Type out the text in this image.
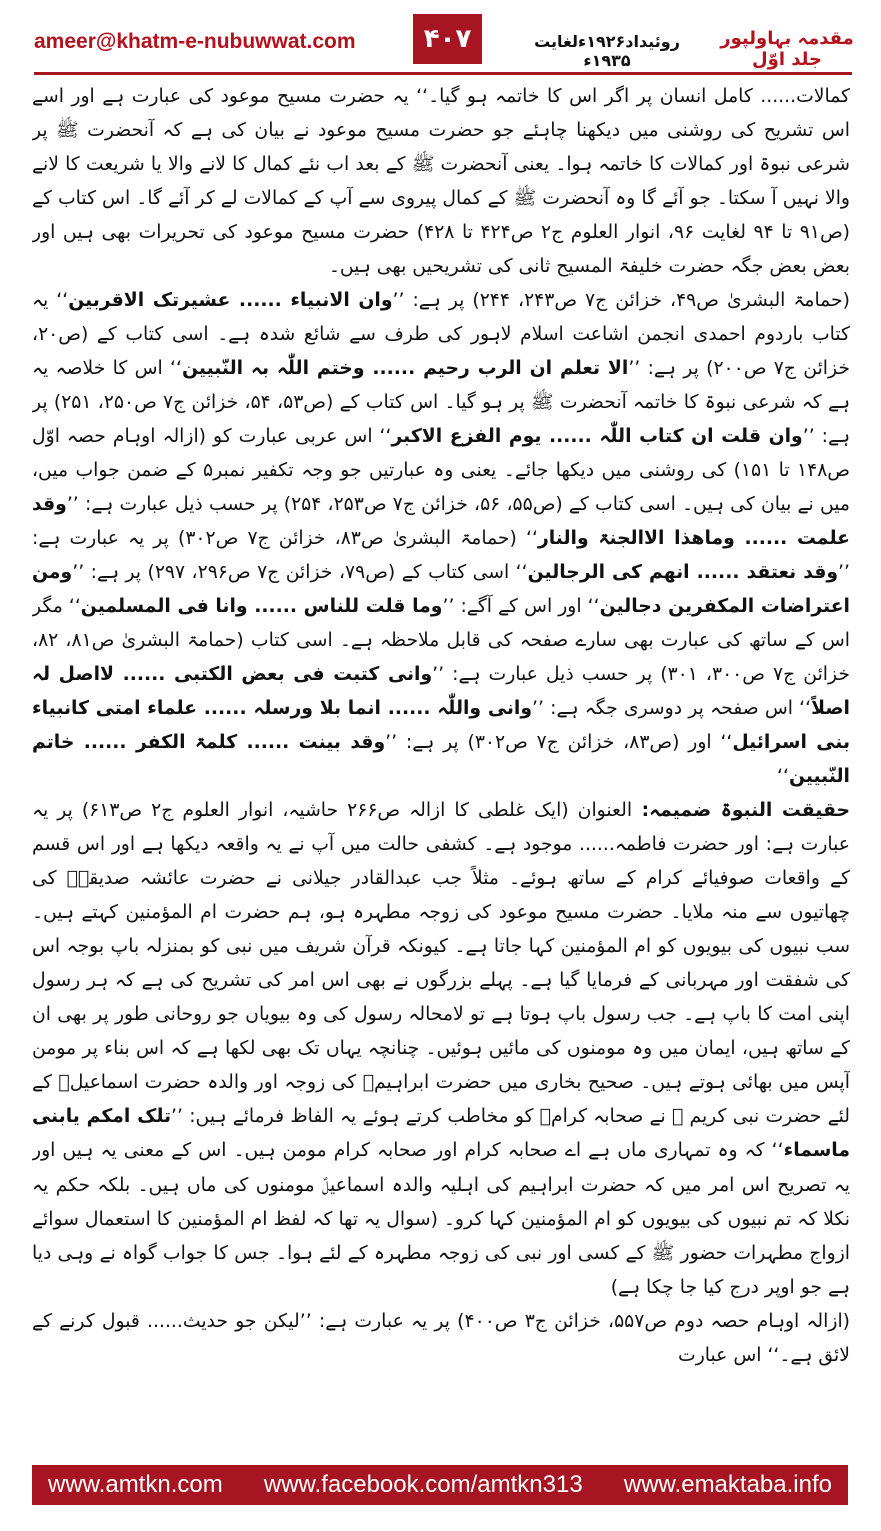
ameer@khatm-e-nubuwwat.com	۴۰۷	روئیداد۱۹۲۶ءلغایت ۱۹۳۵ء
مقدمہ بہاولپور جلد اوّل

کمالات...... کامل انسان پر اگر اس کا خاتمہ ہو گیا۔‘‘ یہ حضرت مسیح موعود کی عبارت ہے اور اسے اس تشریح کی روشنی میں دیکھنا چاہئے جو حضرت مسیح موعود نے بیان کی ہے کہ آنحضرت ﷺ پر شرعی نبوۃ اور کمالات کا خاتمہ ہوا۔ یعنی آنحضرت ﷺ کے بعد اب نئے کمال کا لانے والا یا شریعت کا لانے والا نہیں آ سکتا۔ جو آئے گا وہ آنحضرت ﷺ کے کمال پیروی سے آپ کے کمالات لے کر آئے گا۔ اس کتاب کے (ص۹۱ تا ۹۴ لغایت ۹۶، انوار العلوم ج۲ ص۴۲۴ تا ۴۲۸) حضرت مسیح موعود کی تحریرات بھی ہیں اور بعض بعض جگہ حضرت خلیفۃ المسیح ثانی کی تشریحیں بھی ہیں۔

(حمامۃ البشریٰ ص۴۹، خزائن ج۷ ص۲۴۳، ۲۴۴) پر ہے: ’’وان الانبیاء ...... عشیرتک الاقربین‘‘ یہ کتاب باردوم احمدی انجمن اشاعت اسلام لاہور کی طرف سے شائع شدہ ہے۔ اسی کتاب کے (ص۲۰، خزائن ج۷ ص۲۰۰) پر ہے: ’’الا تعلم ان الرب رحیم ...... وختم اللّٰہ بہ النّبیین‘‘ اس کا خلاصہ یہ ہے کہ شرعی نبوۃ کا خاتمہ آنحضرت ﷺ پر ہو گیا۔ اس کتاب کے (ص۵۳، ۵۴، خزائن ج۷ ص۲۵۰، ۲۵۱) پر ہے: ’’وان قلت ان کتاب اللّٰہ ...... یوم الفزع الاکبر‘‘ اس عربی عبارت کو (ازالہ اوہام حصہ اوّل ص۱۴۸ تا ۱۵۱) کی روشنی میں دیکھا جائے۔ یعنی وہ عبارتیں جو وجہ تکفیر نمبر۵ کے ضمن جواب میں، میں نے بیان کی ہیں۔ اسی کتاب کے (ص۵۵، ۵۶، خزائن ج۷ ص۲۵۳، ۲۵۴) پر حسب ذیل عبارت ہے: ’’وقد علمت ...... وماھذا الاالجنۃ والنار‘‘ (حمامۃ البشریٰ ص۸۳، خزائن ج۷ ص۳۰۲) پر یہ عبارت ہے: ’’وقد نعتقد ...... انھم کی الرجالین‘‘ اسی کتاب کے (ص۷۹، خزائن ج۷ ص۲۹۶، ۲۹۷) پر ہے: ’’ومن اعتراضات المکفرین دجالین‘‘ اور اس کے آگے: ’’وما قلت للناس ...... وانا فی المسلمین‘‘ مگر اس کے ساتھ کی عبارت بھی سارے صفحہ کی قابل ملاحظہ ہے۔ اسی کتاب (حمامۃ البشریٰ ص۸۱، ۸۲، خزائن ج۷ ص۳۰۰، ۳۰۱) پر حسب ذیل عبارت ہے: ’’وانی کتبت فی بعض الکتبی ...... لااصل لہ اصلاً‘‘ اس صفحہ پر دوسری جگہ ہے: ’’وانی واللّٰہ ...... انما بلا ورسلہ ...... علماء امتی کانبیاء بنی اسرائیل‘‘ اور (ص۸۳، خزائن ج۷ ص۳۰۲) پر ہے: ’’وقد بینت ...... کلمۃ الکفر ...... خاتم النّبیین‘‘

حقیقت النبوۃ ضمیمہ: العنوان (ایک غلطی کا ازالہ ص۲۶۶ حاشیہ، انوار العلوم ج۲ ص۶۱۳) پر یہ عبارت ہے: اور حضرت فاطمہ...... موجود ہے۔ کشفی حالت میں آپ نے یہ واقعہ دیکھا ہے اور اس قسم کے واقعات صوفیائے کرام کے ساتھ ہوئے۔ مثلاً جب عبدالقادر جیلانی نے حضرت عائشہ صدیقہؓ کی چھاتیوں سے منہ ملایا۔ حضرت مسیح موعود کی زوجہ مطہرہ ہو، ہم حضرت ام المؤمنین کہتے ہیں۔ سب نبیوں کی بیویوں کو ام المؤمنین کہا جاتا ہے۔ کیونکہ قرآن شریف میں نبی کو بمنزلہ باپ بوجہ اس کی شفقت اور مہربانی کے فرمایا گیا ہے۔ پہلے بزرگوں نے بھی اس امر کی تشریح کی ہے کہ ہر رسول اپنی امت کا باپ ہے۔ جب رسول باپ ہوتا ہے تو لامحالہ رسول کی وہ بیویاں جو روحانی طور پر بھی ان کے ساتھ ہیں، ایمان میں وہ مومنوں کی مائیں ہوئیں۔ چنانچہ یہاں تک بھی لکھا ہے کہ اس بناء پر مومن آپس میں بھائی ہوتے ہیں۔ صحیح بخاری میں حضرت ابراہیمؑ کی زوجہ اور والدہ حضرت اسماعیلؑ کے لئے حضرت نبی کریم ﷺ نے صحابہ کرامؓ کو مخاطب کرتے ہوئے یہ الفاظ فرمائے ہیں: ’’تلک امکم یابنی ماسماء‘‘ کہ وہ تمہاری ماں ہے اے صحابہ کرام اور صحابہ کرام مومن ہیں۔ اس کے معنی یہ ہیں اور یہ تصریح اس امر میں کہ حضرت ابراہیم کی اہلیہ والدہ اسماعیلؑ مومنوں کی ماں ہیں۔ بلکہ حکم یہ نکلا کہ تم نبیوں کی بیویوں کو ام المؤمنین کہا کرو۔ (سوال یہ تھا کہ لفظ ام المؤمنین کا استعمال سوائے ازواج مطہرات حضور ﷺ کے کسی اور نبی کی زوجہ مطہرہ کے لئے ہوا۔ جس کا جواب گواہ نے وہی دیا ہے جو اوپر درج کیا جا چکا ہے)

(ازالہ اوہام حصہ دوم ص۵۵۷، خزائن ج۳ ص۴۰۰) پر یہ عبارت ہے: ’’لیکن جو حدیث...... قبول کرنے کے لائق ہے۔‘‘ اس عبارت

www.amtkn.com www.facebook.com/amtkn313 www.emaktaba.info
